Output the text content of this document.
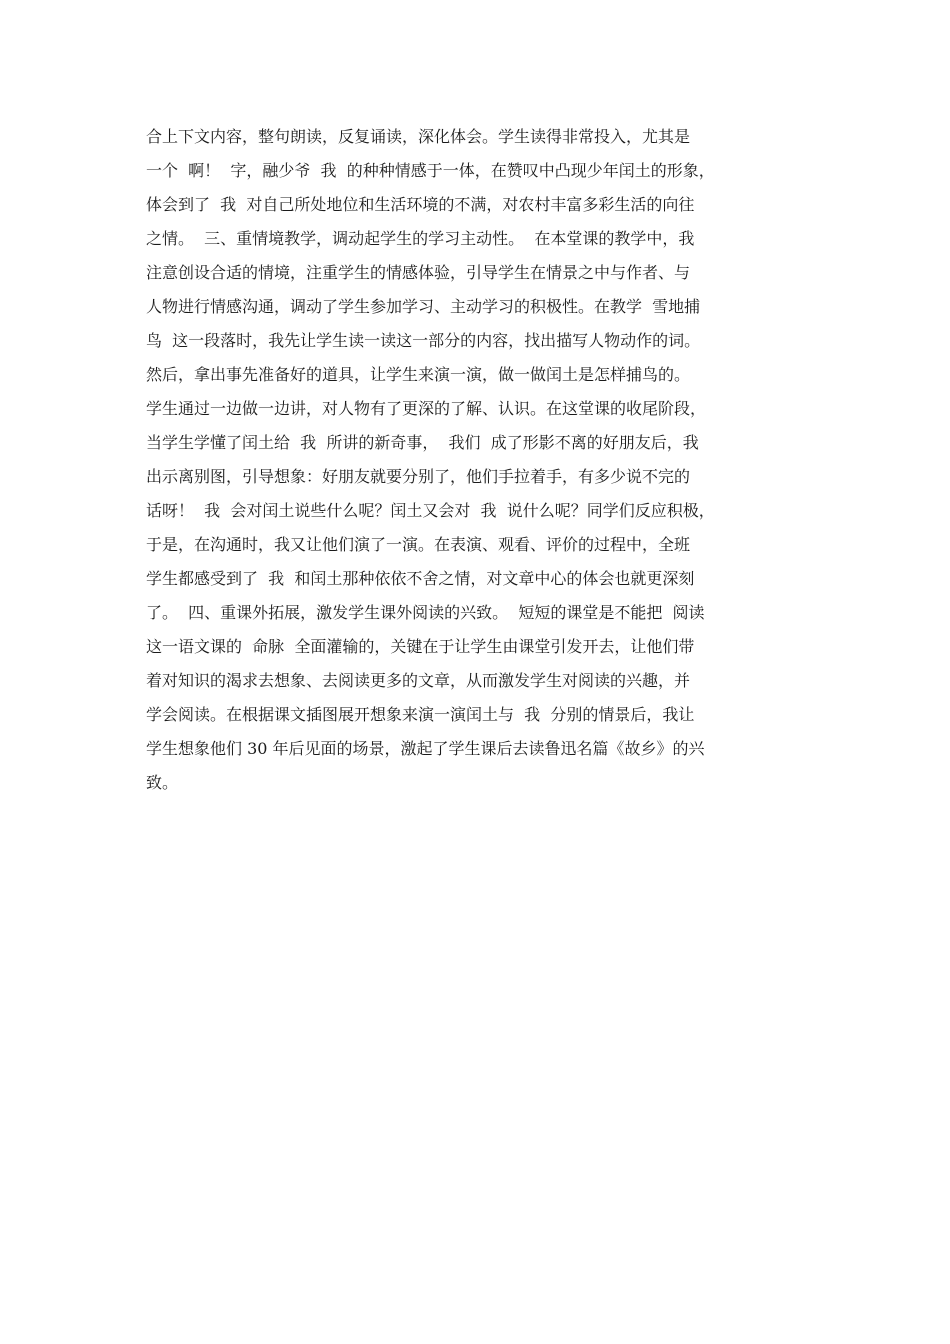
合上下文内容，整句朗读，反复诵读，深化体会。学生读得非常投入，尤其是
一个  啊！  字，融少爷  我  的种种情感于一体，在赞叹中凸现少年闰土的形象，
体会到了  我  对自己所处地位和生活环境的不满，对农村丰富多彩生活的向往
之情。  三、重情境教学，调动起学生的学习主动性。  在本堂课的教学中，我
注意创设合适的情境，注重学生的情感体验，引导学生在情景之中与作者、与
人物进行情感沟通，调动了学生参加学习、主动学习的积极性。在教学  雪地捕
鸟  这一段落时，我先让学生读一读这一部分的内容，找出描写人物动作的词。
然后，拿出事先准备好的道具，让学生来演一演，做一做闰土是怎样捕鸟的。
学生通过一边做一边讲，对人物有了更深的了解、认识。在这堂课的收尾阶段，
当学生学懂了闰土给  我  所讲的新奇事，  我们  成了形影不离的好朋友后，我
出示离别图，引导想象：好朋友就要分别了，他们手拉着手，有多少说不完的
话呀！  我  会对闰土说些什么呢？闰土又会对  我  说什么呢？同学们反应积极，
于是，在沟通时，我又让他们演了一演。在表演、观看、评价的过程中，全班
学生都感受到了  我  和闰土那种依依不舍之情，对文章中心的体会也就更深刻
了。  四、重课外拓展，激发学生课外阅读的兴致。  短短的课堂是不能把  阅读
这一语文课的  命脉  全面灌输的，关键在于让学生由课堂引发开去，让他们带
着对知识的渴求去想象、去阅读更多的文章，从而激发学生对阅读的兴趣，并
学会阅读。在根据课文插图展开想象来演一演闰土与  我  分别的情景后，我让
学生想象他们 30 年后见面的场景，激起了学生课后去读鲁迅名篇《故乡》的兴
致。
